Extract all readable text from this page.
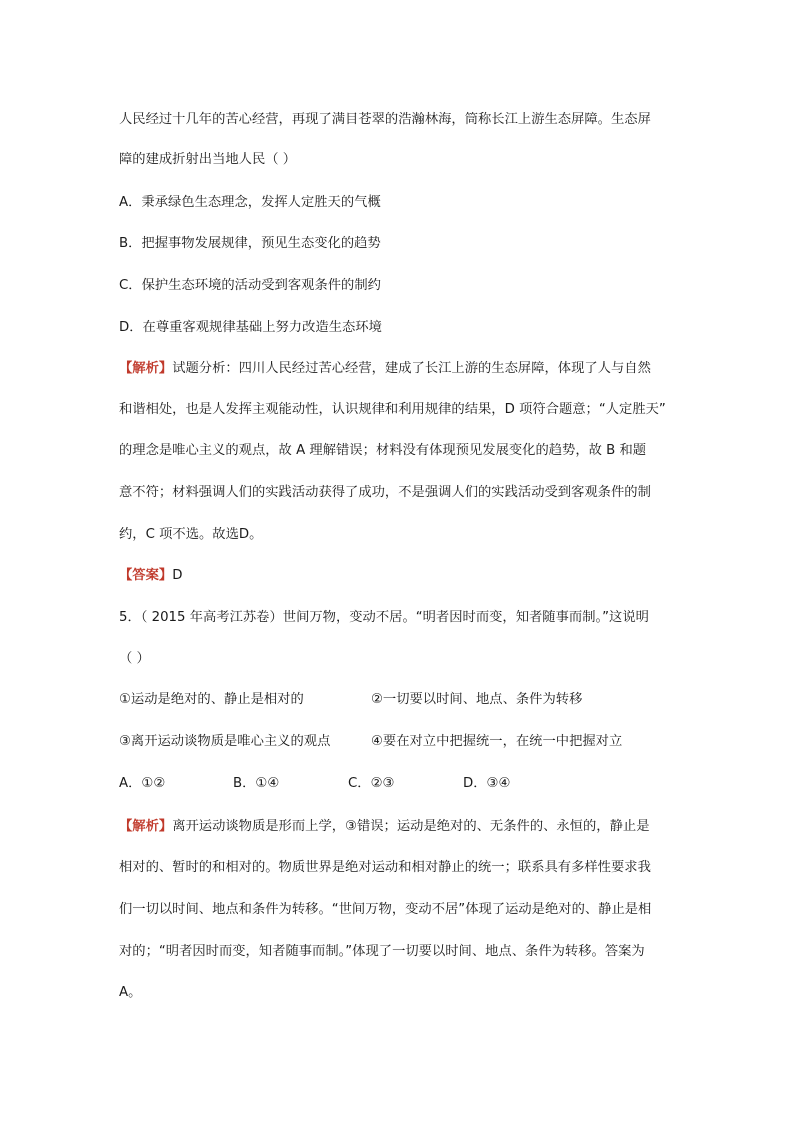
人民经过十几年的苦心经营，再现了满目苍翠的浩瀚林海，筒称长江上游生态屏障。生态屏
障的建成折射出当地人民（ ）
A．秉承绿色生态理念，发挥人定胜天的气概
B．把握事物发展规律，预见生态变化的趋势
C．保护生态环境的活动受到客观条件的制约
D．在尊重客观规律基础上努力改造生态环境
【解析】试题分析：四川人民经过苦心经营，建成了长江上游的生态屏障，体现了人与自然
和谐相处，也是人发挥主观能动性，认识规律和利用规律的结果，D 项符合题意；“人定胜天”
的理念是唯心主义的观点，故 A 理解错误；材料没有体现预见发展变化的趋势，故 B 和题
意不符；材料强调人们的实践活动获得了成功，不是强调人们的实践活动受到客观条件的制
约，C 项不选。故选D。
【答案】D
5．（ 2015 年高考江苏卷）世间万物，变动不居。“明者因时而变，知者随事而制。”这说明
（ ）
①运动是绝对的、静止是相对的	②一切要以时间、地点、条件为转移
③离开运动谈物质是唯心主义的观点	④要在对立中把握统一，在统一中把握对立
A．①②	B．①④	C．②③	D．③④
【解析】离开运动谈物质是形而上学，③错误；运动是绝对的、无条件的、永恒的，静止是
相对的、暂时的和相对的。物质世界是绝对运动和相对静止的统一；联系具有多样性要求我
们一切以时间、地点和条件为转移。“世间万物，变动不居”体现了运动是绝对的、静止是相
对的；“明者因时而变，知者随事而制。”体现了一切要以时间、地点、条件为转移。答案为
A。
